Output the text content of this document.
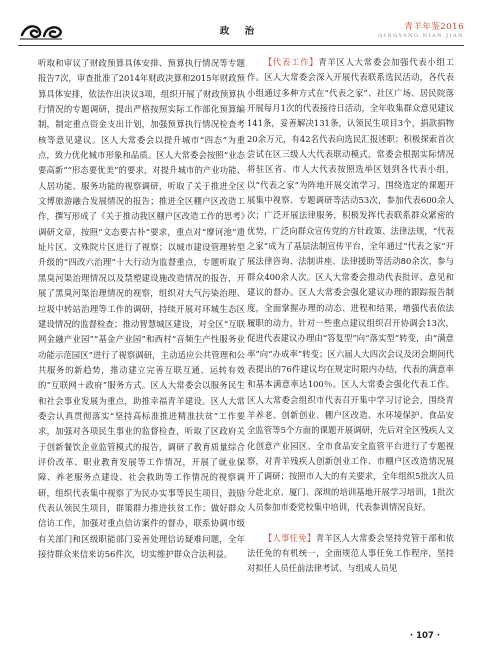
政 治	青羊年鉴2016
QINGYANG NIAN JIAN

听取和审议了财政预算具体安排、预算执行情况等专题报告7次，审查批准了2014年财政决算和2015年财政预算具体安排，依法作出决议3项，组织开展了财政预算执行情况的专题调研，提出严格按照实际工作部化预算编制，制定重点资金支出计划，加强预算执行情况检查考核等意见建议。区人大常委会以提升城市“四态”为重点，致力优化城市形象和品质。区人大常委会按照“业态要高新”“形态要优美”的要求，对提升城市的产业功能、人居功能、服务功能的视察调研，听取了关于推进全区文博旅游融合发展情况的报告；推进全区棚户区改造工作，撰写形成了《关于推动我区棚户区改造工作的思考》调研文章，按照“文态要古朴”要求，重点对“摩诃池”遗址片区、文殊院片区进行了视察；以城市建设管理转型升级的“四改六治理”十大行动为监督重点，专题听取了黑臭河渠治理情况以及禁塑建设施改造情况的报告，开展了黑臭河渠治理情况的视察，组织对大气污染治理、垃圾中转站治理等工作的调研，持续开展对环城生态区建设情况的监督检查；推动智慧城区建设，对全区“互联网金融产业园”“基金产业园”和西村“音频生产性服务业功能示范园区”进行了视察调研，主动适应公共管理和公共服务的新趋势，推动建立完善互联互通、运转有效的“互联网＋政府”服务方式。区人大常委会以服务民生和社会事业发展为重点，助推幸福青羊建设。区人大常委会认真贯彻落实“坚持高标准推进精准扶贫”工作要求，加强对各项民生事业的监督检查，听取了区政府关于创新餐饮企业监管模式的报告，调研了教育质量综合评价改革、职业教育发展等工作情况，开展了就业保障、养老服务点建设、社会救助等工作情况的视察调研，组织代表集中视察了为民办实事等民生项目，鼓励代表认领民生项目，群策群力推进扶贫工作；做好群众信访工作，加强对重点信访案件的督办，联系协调市级有关部门和区级职能部门妥善处理信访疑难问题，全年接待群众来信来访56件次，切实维护群众合法利益。

【代表工作】青羊区人大常委会加强代表小组工作。区人大常委会深入开展代表联系选民活动，各代表小组通过多种方式在“代表之家”、社区广场、居民院落开展每月1次的代表接待日活动，全年收集群众意见建议141条，妥善解决131条，认领民生项目3个，捐款捐物20余万元，有42名代表向选民汇报述职；积极探索首次尝试在区三级人大代表联动模式，常委会根据实际情况将驻区省、市人大代表按照选举区划到各代表小组，以“代表之家”为阵地开展交流学习，围绕选定的课题开展集中视察、专题调研等活动53次，参加代表600余人次；广泛开展法律服务，积极发挥代表联系群众紧密的优势，广泛向群众宣传党的方针政策、法律法规，“代表之家”成为了基层法制宣传平台，全年通过“代表之家”开展法律咨询、法制讲座、法律援助等活动80余次，参与群众400余人次。区人大常委会推动代表批评、意见和建议的督办。区人大常委会强化建议办理的跟踪报告制度，全面掌握办理的动态、进程和结果，增强代表依法履职的动力，针对一些重点建议组织召开协调会13次，促进代表建议办理由“答复型”向“落实型”转变，由“满意率”向“办成率”转变；区六届人大四次会议及闭会期间代表提出的76件建议均在规定时限内办结，代表的满意率和基本满意率达100％。区人大常委会强化代表工作。区人大常委会组织市代表召开集中学习讨论会，围绕青羊养老、创新创业、棚户区改造、水环境保护、食品安全监管等5个方面的课题开展调研，先后对全区残疾人文化创意产业园区、全市食品安全监管平台进行了专题视察，对青羊残疾人创新创业工作、市棚户区改造情况展开了调研；按照市人大的有关要求，全年组织5批次人员分赴北京、厦门、深圳的培训基地开展学习培训，1批次人员参加市委党校集中培训，代表参训情况良好。

【人事任免】青羊区人大常委会坚持党管干部和依法任免的有机统一，全面规范人事任免工作程序，坚持对拟任人员任前法律考试、与组成人员见

· 107 ·
